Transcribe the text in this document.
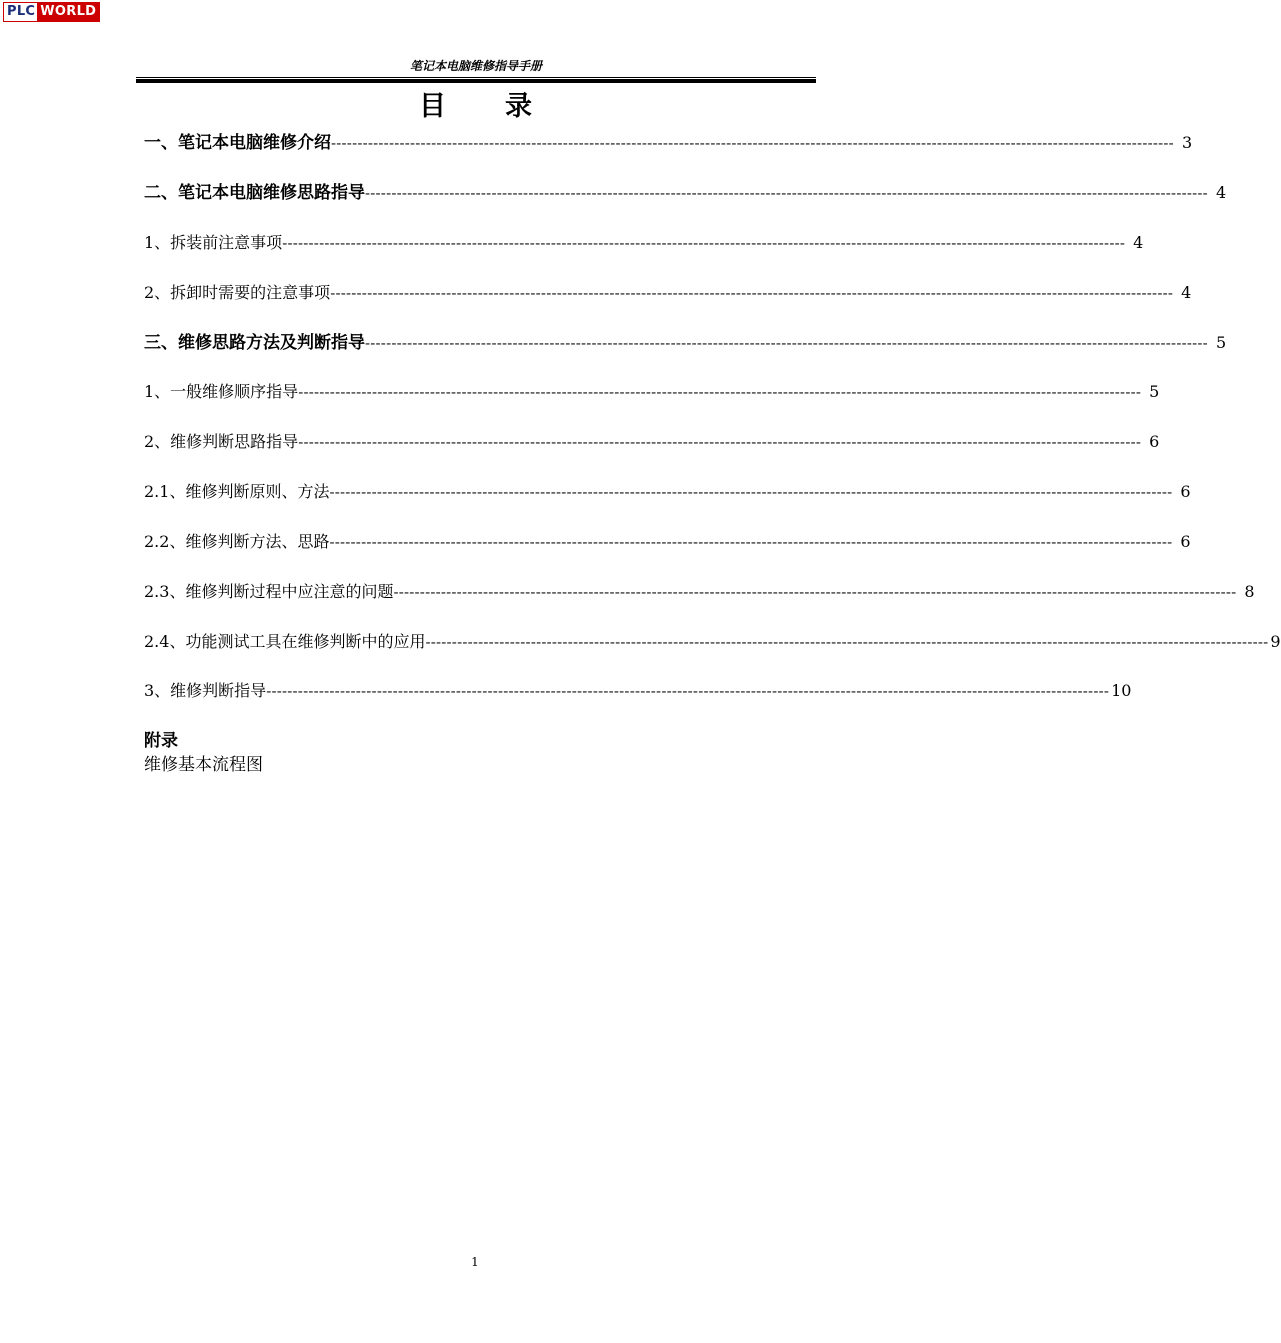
PLC WORLD
笔记本电脑维修指导手册
目 录
一、笔记本电脑维修介绍 ---------------------------------------------------------------------------------------------------------------------------------------------------------------- 3
二、笔记本电脑维修思路指导 ---------------------------------------------------------------------------------------------------------------------------------------------------------------- 4
1、拆装前注意事项 ---------------------------------------------------------------------------------------------------------------------------------------------------------------- 4
2、拆卸时需要的注意事项 ---------------------------------------------------------------------------------------------------------------------------------------------------------------- 4
三、维修思路方法及判断指导 ---------------------------------------------------------------------------------------------------------------------------------------------------------------- 5
1、一般维修顺序指导 ---------------------------------------------------------------------------------------------------------------------------------------------------------------- 5
2、维修判断思路指导 ---------------------------------------------------------------------------------------------------------------------------------------------------------------- 6
2.1、维修判断原则、方法 ---------------------------------------------------------------------------------------------------------------------------------------------------------------- 6
2.2、维修判断方法、思路 ---------------------------------------------------------------------------------------------------------------------------------------------------------------- 6
2.3、维修判断过程中应注意的问题 ---------------------------------------------------------------------------------------------------------------------------------------------------------------- 8
2.4、功能测试工具在维修判断中的应用 ---------------------------------------------------------------------------------------------------------------------------------------------------------------- 9
3、维修判断指导 ---------------------------------------------------------------------------------------------------------------------------------------------------------------- 10
附录
维修基本流程图
1
